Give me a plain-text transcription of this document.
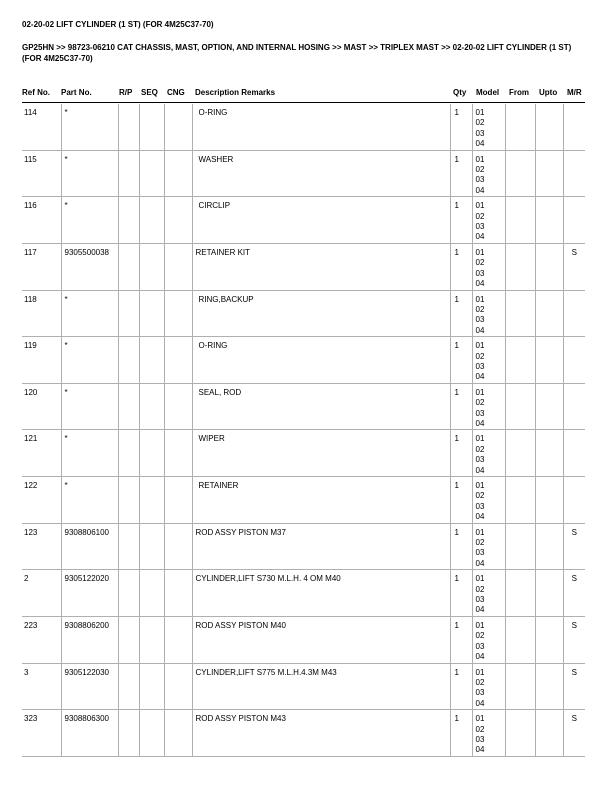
02-20-02 LIFT CYLINDER (1 ST) (FOR 4M25C37-70)
GP25HN >> 98723-06210 CAT CHASSIS, MAST, OPTION, AND INTERNAL HOSING >> MAST >> TRIPLEX MAST >> 02-20-02 LIFT CYLINDER (1 ST) (FOR 4M25C37-70)
Ref No. Part No.	R/P SEQ CNG Description Remarks	Qty Model From Upto M/R
114	*				O-RING	1	01
02
03
04			

115	*				WASHER	1	01
02
03
04			

116	*				CIRCLIP	1	01
02
03
04			

117	9305500038				RETAINER KIT	1	01
02
03
04			S
118	*				RING,BACKUP	1	01
02
03
04			

119	*				O-RING	1	01
02
03
04			

120	*				SEAL, ROD	1	01
02
03
04			

121	*				WIPER	1	01
02
03
04			

122	*				RETAINER	1	01
02
03
04			

123	9308806100				ROD ASSY PISTON M37	1	01
02
03
04			S
2	9305122020				CYLINDER,LIFT S730 M.L.H. 4 OM M40	1	01
02
03
04			S
223	9308806200				ROD ASSY PISTON M40	1	01
02
03
04			S
3	9305122030				CYLINDER,LIFT S775 M.L.H.4.3M M43	1	01
02
03
04			S
323	9308806300				ROD ASSY PISTON M43	1	01
02
03
04			S
